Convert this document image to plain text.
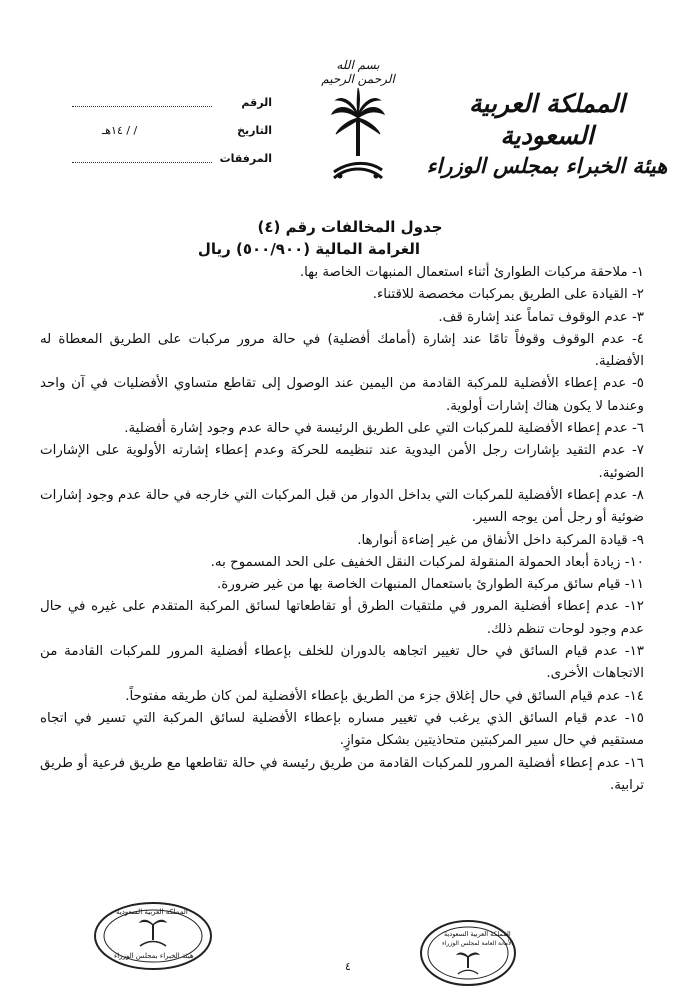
بسم الله الرحمن الرحيم
المملكة العربية السعودية
هيئة الخبراء بمجلس الوزراء
الرقم
التاريخ
/ / ١٤هـ
المرفقات
جدول المخالفات رقم (٤)
الغرامة المالية (٥٠٠/٩٠٠) ريال

١- ملاحقة مركبات الطوارئ أثناء استعمال المنبهات الخاصة بها.

٢- القيادة على الطريق بمركبات مخصصة للاقتناء.

٣- عدم الوقوف تماماً عند إشارة قف.

٤- عدم الوقوف وقوفاً تامًا عند إشارة (أمامك أفضلية) في حالة مرور مركبات على الطريق المعطاة له الأفضلية.

٥- عدم إعطاء الأفضلية للمركبة القادمة من اليمين عند الوصول إلى تقاطع متساوي الأفضليات في آن واحد وعندما لا يكون هناك إشارات أولوية.

٦- عدم إعطاء الأفضلية للمركبات التي على الطريق الرئيسة في حالة عدم وجود إشارة أفضلية.

٧- عدم التقيد بإشارات رجل الأمن اليدوية عند تنظيمه للحركة وعدم إعطاء إشارته الأولوية على الإشارات الضوئية.

٨- عدم إعطاء الأفضلية للمركبات التي بداخل الدوار من قبل المركبات التي خارجه في حالة عدم وجود إشارات ضوئية أو رجل أمن يوجه السير.

٩- قيادة المركبة داخل الأنفاق من غير إضاءة أنوارها.

١٠- زيادة أبعاد الحمولة المنقولة لمركبات النقل الخفيف على الحد المسموح به.

١١- قيام سائق مركبة الطوارئ باستعمال المنبهات الخاصة بها من غير ضرورة.

١٢- عدم إعطاء أفضلية المرور في ملتقيات الطرق أو تقاطعاتها لسائق المركبة المتقدم على غيره في حال عدم وجود لوحات تنظم ذلك.

١٣- عدم قيام السائق في حال تغيير اتجاهه بالدوران للخلف بإعطاء أفضلية المرور للمركبات القادمة من الاتجاهات الأخرى.

١٤- عدم قيام السائق في حال إغلاق جزء من الطريق بإعطاء الأفضلية لمن كان طريقه مفتوحاً.

١٥- عدم قيام السائق الذي يرغب في تغيير مساره بإعطاء الأفضلية لسائق المركبة التي تسير في اتجاه مستقيم في حال سير المركبتين متحاذيتين بشكل متوازٍ.

١٦- عدم إعطاء أفضلية المرور للمركبات القادمة من طريق رئيسة في حالة تقاطعها مع طريق فرعية أو طريق ترابية.

المملكة العربية السعودية
هيئة الخبراء بمجلس الوزراء
٤
المملكة العربية السعودية
الأمانة العامة لمجلس الوزراء
